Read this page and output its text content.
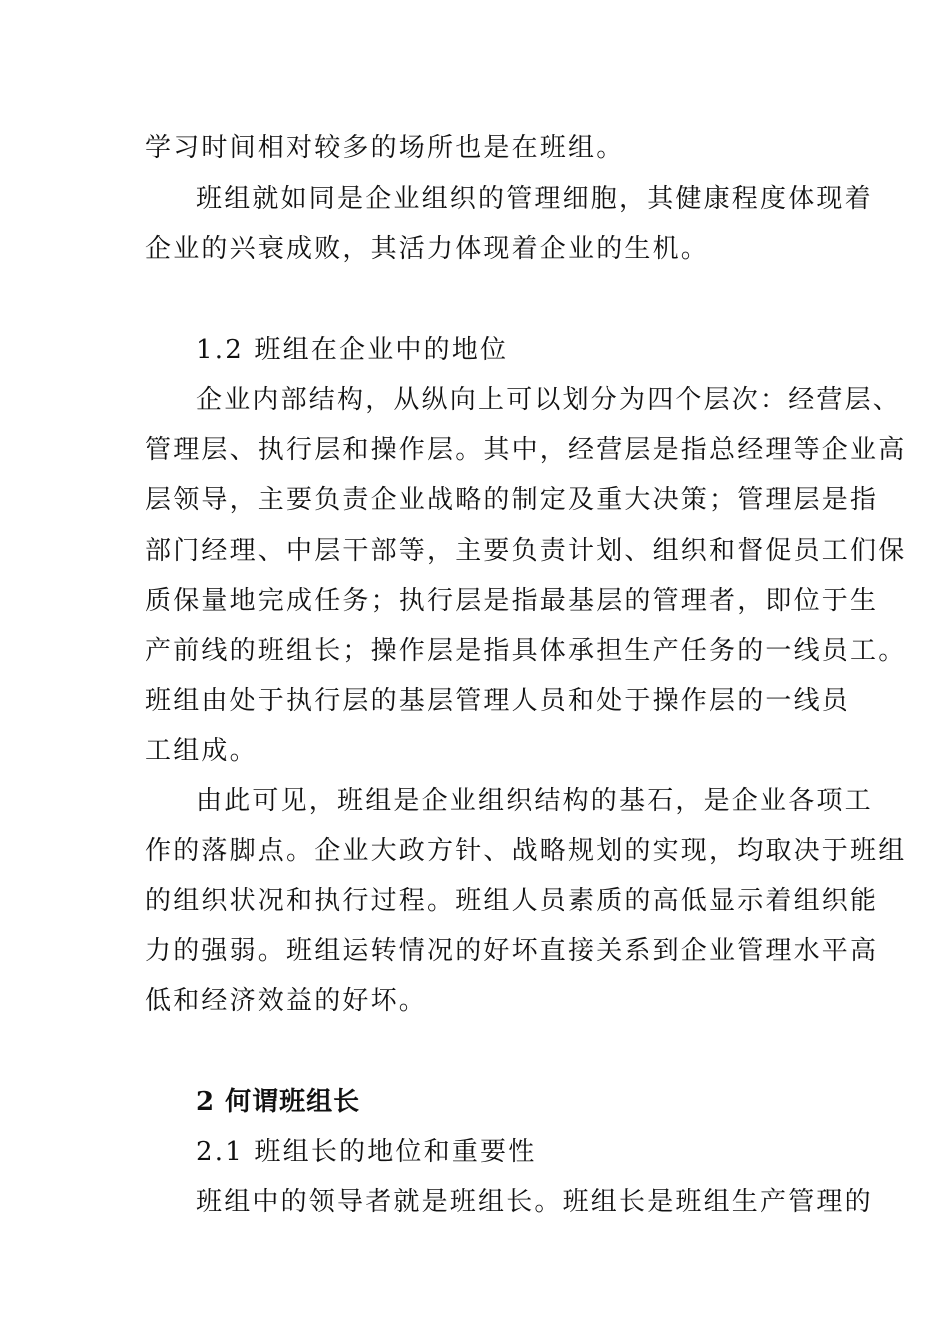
学习时间相对较多的场所也是在班组。
班组就如同是企业组织的管理细胞，其健康程度体现着
企业的兴衰成败，其活力体现着企业的生机。
1.2 班组在企业中的地位
企业内部结构，从纵向上可以划分为四个层次：经营层、
管理层、执行层和操作层。其中，经营层是指总经理等企业高
层领导，主要负责企业战略的制定及重大决策；管理层是指
部门经理、中层干部等，主要负责计划、组织和督促员工们保
质保量地完成任务；执行层是指最基层的管理者，即位于生
产前线的班组长；操作层是指具体承担生产任务的一线员工。
班组由处于执行层的基层管理人员和处于操作层的一线员
工组成。
由此可见，班组是企业组织结构的基石，是企业各项工
作的落脚点。企业大政方针、战略规划的实现，均取决于班组
的组织状况和执行过程。班组人员素质的高低显示着组织能
力的强弱。班组运转情况的好坏直接关系到企业管理水平高
低和经济效益的好坏。
2 何谓班组长
2.1 班组长的地位和重要性
班组中的领导者就是班组长。班组长是班组生产管理的
